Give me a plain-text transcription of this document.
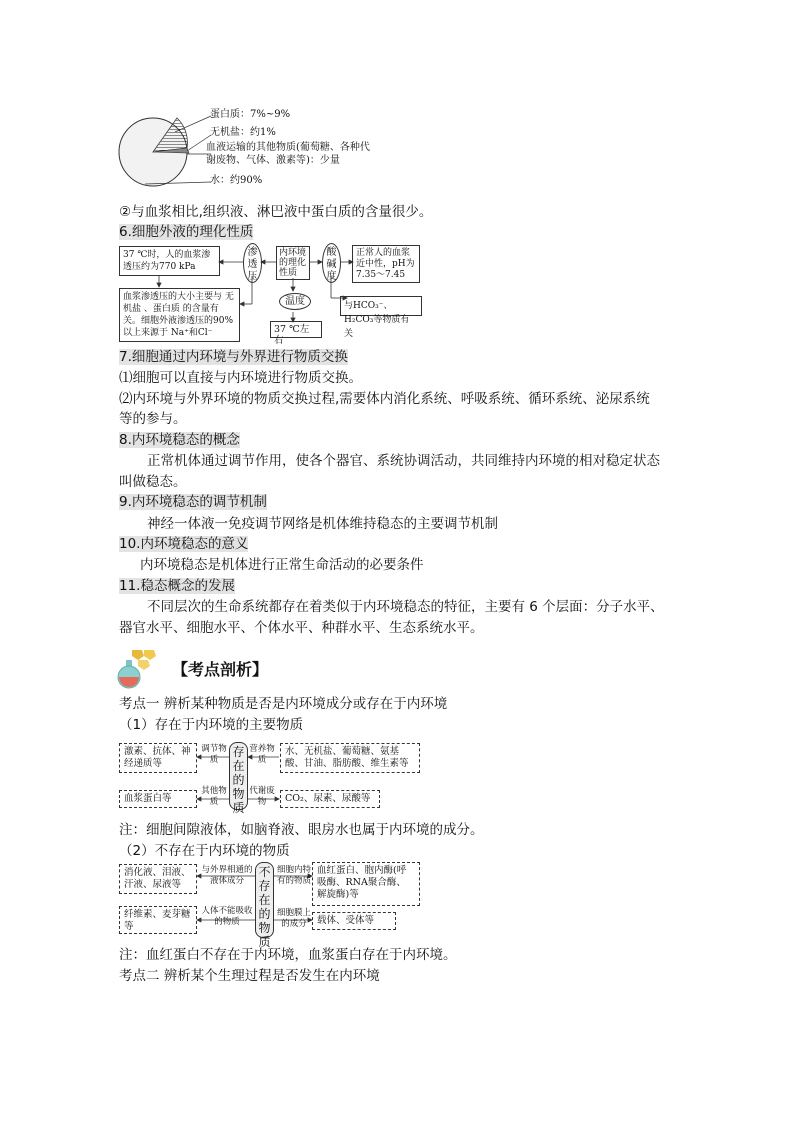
蛋白质：7%~9%
无机盐：约1%
血液运输的其他物质(葡萄糖、各种代
谢废物、气体、激素等)：少量
水：约90%
②与血浆相比,组织液、淋巴液中蛋白质的含量很少。
6.细胞外液的理化性质
37 ℃时，人的血浆渗透压约为770 kPa
血浆渗透压的大小主要与 无机盐 、蛋白质 的含量有关。细胞外液渗透压的90%以上来源于 Na⁺和Cl⁻
渗透压
内环境的理化性质
酸碱度
温度
37 ℃左右
正常人的血浆近中性，pH为7.35～7.45
与HCO₃⁻、H₂CO₃等物质有关
7.细胞通过内环境与外界进行物质交换
⑴细胞可以直接与内环境进行物质交换。
⑵内环境与外界环境的物质交换过程,需要体内消化系统、呼吸系统、循环系统、泌尿系统
等的参与。
8.内环境稳态的概念
正常机体通过调节作用，使各个器官、系统协调活动，共同维持内环境的相对稳定状态
叫做稳态。
9.内环境稳态的调节机制
神经一体液一免疫调节网络是机体维持稳态的主要调节机制
10.内环境稳态的意义
内环境稳态是机体进行正常生命活动的必要条件
11.稳态概念的发展
不同层次的生命系统都存在着类似于内环境稳态的特征，主要有 6 个层面：分子水平、
器官水平、细胞水平、个体水平、种群水平、生态系统水平。
【考点剖析】
考点一 辨析某种物质是否是内环境成分或存在于内环境
（1）存在于内环境的主要物质
激素、抗体、神经递质等
调节物质
血浆蛋白等
其他物质
存在的物质
营养物质
水、无机盐、葡萄糖、氨基酸、甘油、脂肪酸、维生素等
代谢废物	CO₂、尿素、尿酸等
注：细胞间隙液体，如脑脊液、眼房水也属于内环境的成分。
（2）不存在于内环境的物质
消化液、泪液、汗液、尿液等
与外界相通的液体成分
纤维素、麦芽糖等
人体不能吸收的物质
不存在的物质
细胞内特有的物质
血红蛋白、胞内酶(呼吸酶、RNA聚合酶、解旋酶)等
细胞膜上的成分	载体、受体等
注：血红蛋白不存在于内环境，血浆蛋白存在于内环境。
考点二 辨析某个生理过程是否发生在内环境
